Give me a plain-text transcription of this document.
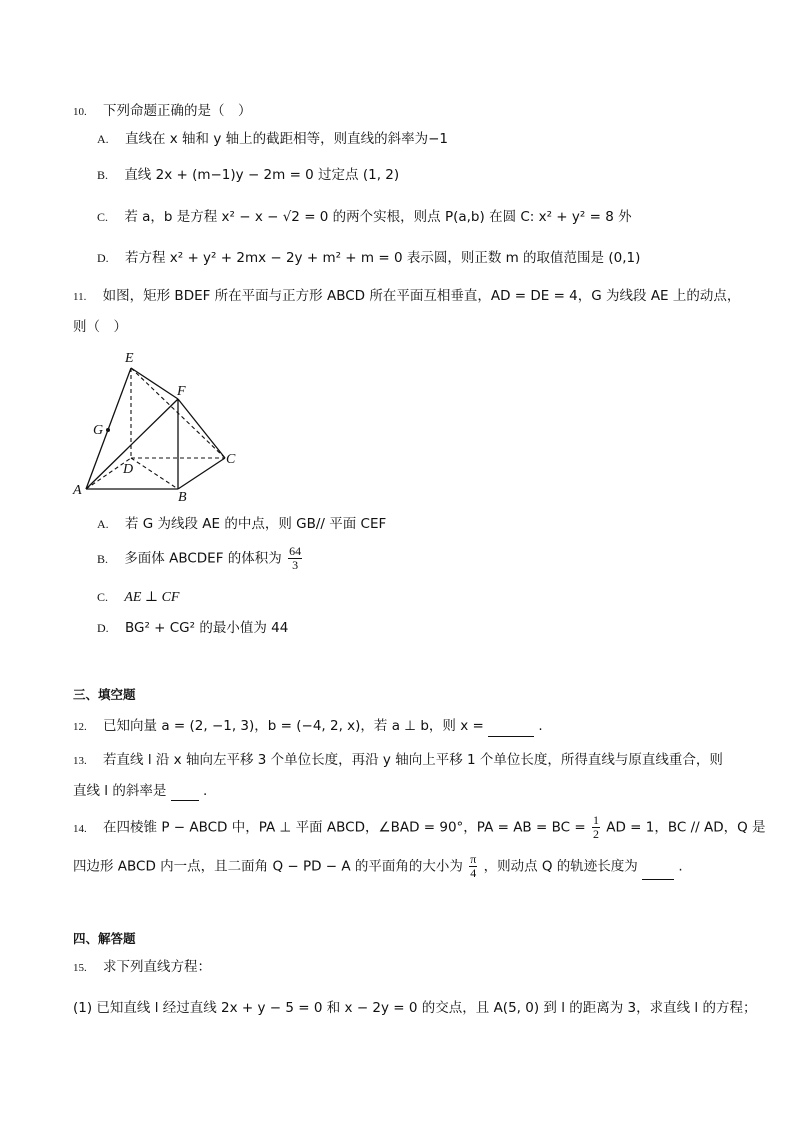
10. 下列命题正确的是（　）
A. 直线在 x 轴和 y 轴上的截距相等，则直线的斜率为−1
B. 直线 2x + (m−1)y − 2m = 0 过定点 (1, 2)
C. 若 a，b 是方程 x² − x − √2 = 0 的两个实根，则点 P(a,b) 在圆 C: x² + y² = 8 外
D. 若方程 x² + y² + 2mx − 2y + m² + m = 0 表示圆，则正数 m 的取值范围是 (0,1)
11. 如图，矩形 BDEF 所在平面与正方形 ABCD 所在平面互相垂直，AD = DE = 4，G 为线段 AE 上的动点，
则（　）
E
F
G
D
C
A	B
A. 若 G 为线段 AE 的中点，则 GB// 平面 CEF
B. 多面体 ABCDEF 的体积为 $\frac{64}{3}$
C. AE ⊥ CF
D. BG² + CG² 的最小值为 44
三、填空题
12. 已知向量 a = (2, −1, 3)，b = (−4, 2, x)，若 a ⊥ b，则 x =	.
13. 若直线 l 沿 x 轴向左平移 3 个单位长度，再沿 y 轴向上平移 1 个单位长度，所得直线与原直线重合，则
直线 l 的斜率是	.
14. 在四棱锥 P − ABCD 中，PA ⊥ 平面 ABCD，∠BAD = 90°，PA = AB = BC = $\frac{1}{2}$ AD = 1，BC // AD，Q 是
四边形 ABCD 内一点，且二面角 Q − PD − A 的平面角的大小为 $\frac{\pi}{4}$ ，则动点 Q 的轨迹长度为	.
四、解答题
15. 求下列直线方程：
(1) 已知直线 l 经过直线 2x + y − 5 = 0 和 x − 2y = 0 的交点，且 A(5, 0) 到 l 的距离为 3，求直线 l 的方程；
